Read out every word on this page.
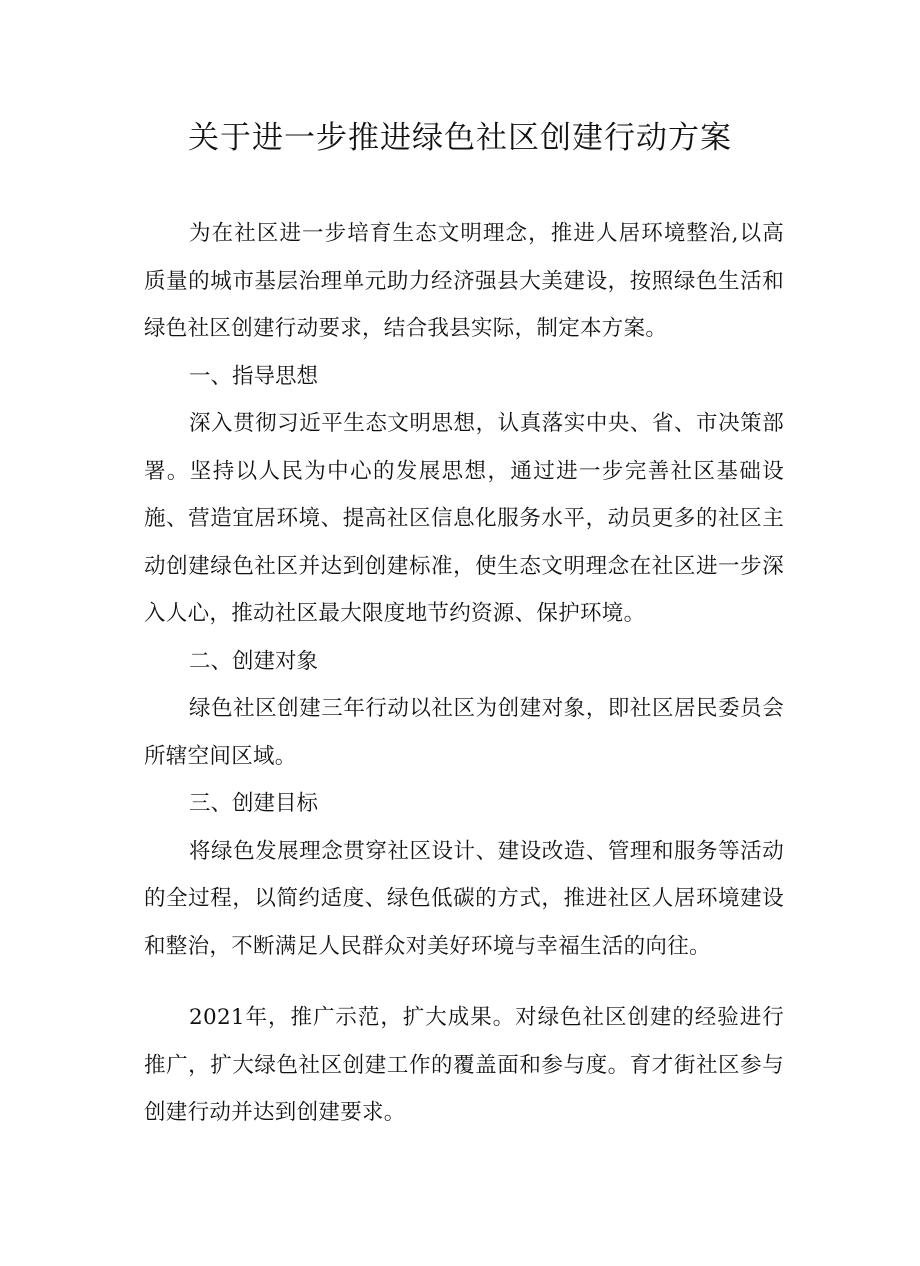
关于进一步推进绿色社区创建行动方案

为在社区进一步培育生态文明理念，推进人居环境整治,以高质量的城市基层治理单元助力经济强县大美建设，按照绿色生活和绿色社区创建行动要求，结合我县实际，制定本方案。

一、指导思想

深入贯彻习近平生态文明思想，认真落实中央、省、市决策部署。坚持以人民为中心的发展思想，通过进一步完善社区基础设施、营造宜居环境、提高社区信息化服务水平，动员更多的社区主动创建绿色社区并达到创建标准，使生态文明理念在社区进一步深入人心，推动社区最大限度地节约资源、保护环境。

二、创建对象

绿色社区创建三年行动以社区为创建对象，即社区居民委员会所辖空间区域。

三、创建目标

将绿色发展理念贯穿社区设计、建设改造、管理和服务等活动的全过程，以简约适度、绿色低碳的方式，推进社区人居环境建设和整治，不断满足人民群众对美好环境与幸福生活的向往。

2021年，推广示范，扩大成果。对绿色社区创建的经验进行推广，扩大绿色社区创建工作的覆盖面和参与度。育才街社区参与创建行动并达到创建要求。
